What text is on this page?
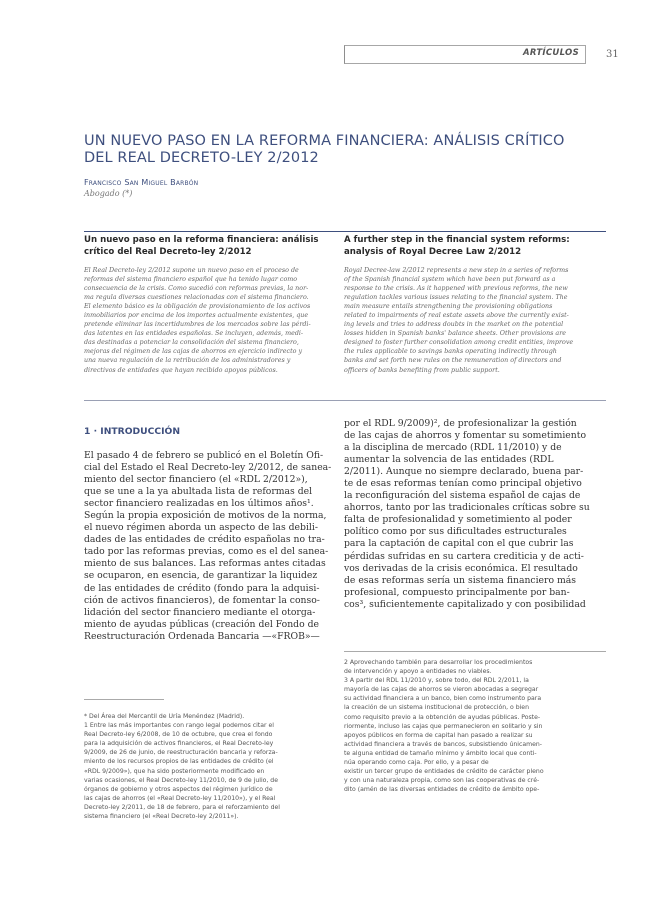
ARTÍCULOS	31
UN NUEVO PASO EN LA REFORMA FINANCIERA: ANÁLISIS CRÍTICO
DEL REAL DECRETO-LEY 2/2012
Francisco San Miguel Barbón
Abogado (*)
Un nuevo paso en la reforma financiera: análisis
crítico del Real Decreto-ley 2/2012
El Real Decreto-ley 2/2012 supone un nuevo paso en el proceso de
reformas del sistema financiero español que ha tenido lugar como
consecuencia de la crisis. Como sucedió con reformas previas, la nor-
ma regula diversas cuestiones relacionadas con el sistema financiero.
El elemento básico es la obligación de provisionamiento de los activos
inmobiliarios por encima de los importes actualmente existentes, que
pretende eliminar las incertidumbres de los mercados sobre las pérdi-
das latentes en las entidades españolas. Se incluyen, además, medi-
das destinadas a potenciar la consolidación del sistema financiero,
mejoras del régimen de las cajas de ahorros en ejercicio indirecto y
una nueva regulación de la retribución de los administradores y
directivos de entidades que hayan recibido apoyos públicos.
A further step in the financial system reforms:
analysis of Royal Decree Law 2/2012
Royal Decree-law 2/2012 represents a new step in a series of reforms
of the Spanish financial system which have been put forward as a
response to the crisis. As it happened with previous reforms, the new
regulation tackles various issues relating to the financial system. The
main measure entails strengthening the provisioning obligations
related to impairments of real estate assets above the currently exist-
ing levels and tries to address doubts in the market on the potential
losses hidden in Spanish banks' balance sheets. Other provisions are
designed to foster further consolidation among credit entities, improve
the rules applicable to savings banks operating indirectly through
banks and set forth new rules on the remuneration of directors and
officers of banks benefiting from public support.
1 · INTRODUCCIÓN
El pasado 4 de febrero se publicó en el Boletín Ofi-
cial del Estado el Real Decreto-ley 2/2012, de sanea-
miento del sector financiero (el «RDL 2/2012»),
que se une a la ya abultada lista de reformas del
sector financiero realizadas en los últimos años¹.
Según la propia exposición de motivos de la norma,
el nuevo régimen aborda un aspecto de las debili-
dades de las entidades de crédito españolas no tra-
tado por las reformas previas, como es el del sanea-
miento de sus balances. Las reformas antes citadas
se ocuparon, en esencia, de garantizar la liquidez
de las entidades de crédito (fondo para la adquisi-
ción de activos financieros), de fomentar la conso-
lidación del sector financiero mediante el otorga-
miento de ayudas públicas (creación del Fondo de
Reestructuración Ordenada Bancaria —«FROB»—
por el RDL 9/2009)², de profesionalizar la gestión
de las cajas de ahorros y fomentar su sometimiento
a la disciplina de mercado (RDL 11/2010) y de
aumentar la solvencia de las entidades (RDL
2/2011). Aunque no siempre declarado, buena par-
te de esas reformas tenían como principal objetivo
la reconfiguración del sistema español de cajas de
ahorros, tanto por las tradicionales críticas sobre su
falta de profesionalidad y sometimiento al poder
político como por sus dificultades estructurales
para la captación de capital con el que cubrir las
pérdidas sufridas en su cartera crediticia y de acti-
vos derivadas de la crisis económica. El resultado
de esas reformas sería un sistema financiero más
profesional, compuesto principalmente por ban-
cos³, suficientemente capitalizado y con posibilidad
* Del Área del Mercantil de Uría Menéndez (Madrid).
1 Entre las más importantes con rango legal podemos citar el
Real Decreto-ley 6/2008, de 10 de octubre, que crea el fondo
para la adquisición de activos financieros, el Real Decreto-ley
9/2009, de 26 de junio, de reestructuración bancaria y reforza-
miento de los recursos propios de las entidades de crédito (el
«RDL 9/2009»), que ha sido posteriormente modificado en
varias ocasiones, el Real Decreto-ley 11/2010, de 9 de julio, de
órganos de gobierno y otros aspectos del régimen jurídico de
las cajas de ahorros (el «Real Decreto-ley 11/2010»), y el Real
Decreto-ley 2/2011, de 18 de febrero, para el reforzamiento del
sistema financiero (el «Real Decreto-ley 2/2011»).
2 Aprovechando también para desarrollar los procedimientos
de intervención y apoyo a entidades no viables.
3 A partir del RDL 11/2010 y, sobre todo, del RDL 2/2011, la
mayoría de las cajas de ahorros se vieron abocadas a segregar
su actividad financiera a un banco, bien como instrumento para
la creación de un sistema institucional de protección, o bien
como requisito previo a la obtención de ayudas públicas. Poste-
riormente, incluso las cajas que permanecieron en solitario y sin
apoyos públicos en forma de capital han pasado a realizar su
actividad financiera a través de bancos, subsistiendo únicamen-
te alguna entidad de tamaño mínimo y ámbito local que conti-
núa operando como caja. Por ello, y a pesar de
existir un tercer grupo de entidades de crédito de carácter pleno
y con una naturaleza propia, como son las cooperativas de cré-
dito (amén de las diversas entidades de crédito de ámbito ope-
